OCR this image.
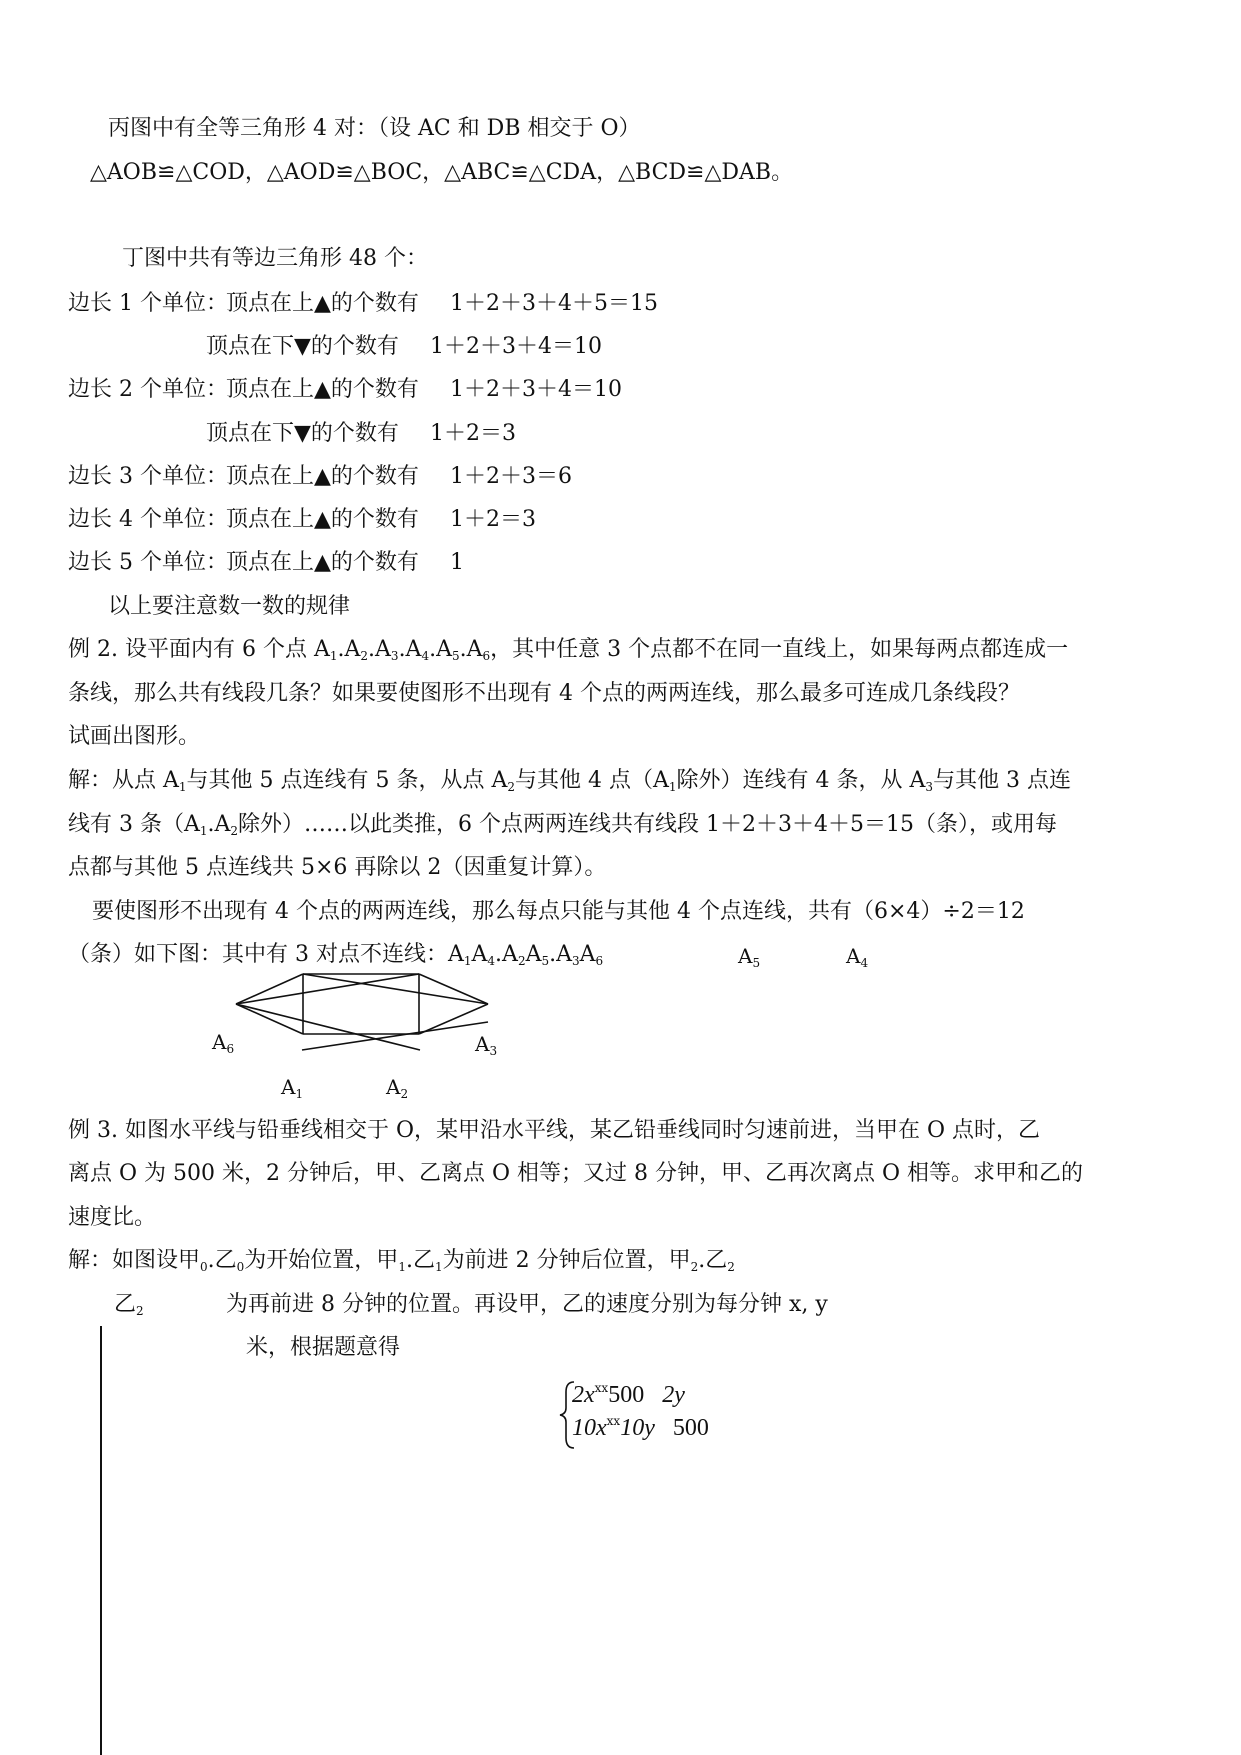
丙图中有全等三角形 4 对：（设 AC 和 DB 相交于 O）
△AOB≌△COD，△AOD≌△BOC，△ABC≌△CDA，△BCD≌△DAB。
丁图中共有等边三角形 48 个：
边长 1 个单位：
顶点在上▲的个数有 1＋2＋3＋4＋5＝15
顶点在下▼的个数有 1＋2＋3＋4＝10
边长 2 个单位：
顶点在上▲的个数有 1＋2＋3＋4＝10
顶点在下▼的个数有 1＋2＝3
边长 3 个单位：
顶点在上▲的个数有 1＋2＋3＝6
边长 4 个单位：
顶点在上▲的个数有 1＋2＝3
边长 5 个单位：
顶点在上▲的个数有 1
以上要注意数一数的规律
例 2. 设平面内有 6 个点 $A_1.A_2.A_3.A_4.A_5.A_6$，其中任意 3 个点都不在同一直线上，如果每两点都连成一
条线，那么共有线段几条？如果要使图形不出现有 4 个点的两两连线，那么最多可连成几条线段？
试画出图形。
解：从点 $A_1$与其他 5 点连线有 5 条，从点 $A_2$与其他 4 点（$A_1$除外）连线有 4 条，从 $A_3$与其他 3 点连
线有 3 条（$A_1.A_2$除外）……以此类推，6 个点两两连线共有线段 1＋2＋3＋4＋5＝15（条），或用每
点都与其他 5 点连线共 5×6 再除以 2（因重复计算）。
要使图形不出现有 4 个点的两两连线，那么每点只能与其他 4 个点连线，共有（6×4）÷2＝12
（条）如下图：其中有 3 对点不连线：$A_1A_4.A_2A_5.A_3A_6$	$A_5$	$A_4$
$A_6$	$A_3$
$A_1$	$A_2$
例 3. 如图水平线与铅垂线相交于 O，某甲沿水平线，某乙铅垂线同时匀速前进，当甲在 O 点时，乙
离点 O 为 500 米，2 分钟后，甲、乙离点 O 相等；又过 8 分钟，甲、乙再次离点 O 相等。求甲和乙的
速度比。
解：如图设甲$_0$.乙$_0$为开始位置，甲$_1$.乙$_1$为前进 2 分钟后位置，甲$_2$.乙$_2$
乙$_2$	为再前进 8 分钟的位置。再设甲，乙的速度分别为每分钟 x, y
米，根据题意得
$2x^{ⅹⅹ}500$ 2y
$10x^{ⅹⅹ}10y$ 500
